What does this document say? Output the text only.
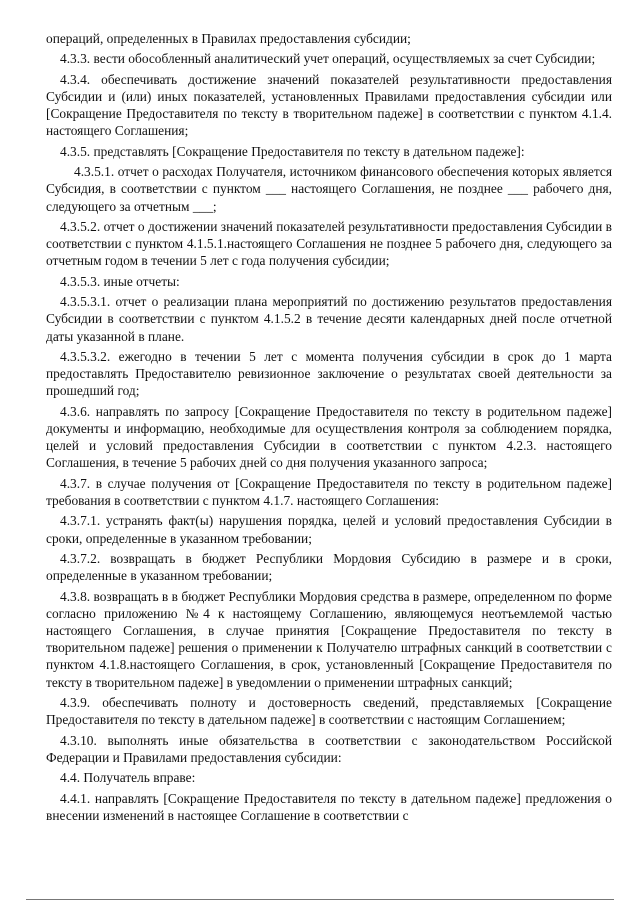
операций, определенных в Правилах предоставления субсидии;

4.3.3. вести обособленный аналитический учет операций, осуществляемых за счет Субсидии;

4.3.4. обеспечивать достижение значений показателей результативности предоставления Субсидии и (или) иных показателей, установленных Правилами предоставления субсидии или [Сокращение Предоставителя по тексту в творительном падеже] в соответствии с пунктом 4.1.4. настоящего Соглашения;

4.3.5. представлять [Сокращение Предоставителя по тексту в дательном падеже]:

4.3.5.1. отчет о расходах Получателя, источником финансового обеспечения которых является Субсидия, в соответствии с пунктом ___ настоящего Соглашения, не позднее ___ рабочего дня, следующего за отчетным ___;

4.3.5.2. отчет о достижении значений показателей результативности предоставления Субсидии в соответствии с пунктом 4.1.5.1.настоящего Соглашения не позднее 5 рабочего дня, следующего за отчетным годом в течении 5 лет с года получения субсидии;

4.3.5.3. иные отчеты:

4.3.5.3.1. отчет о реализации плана мероприятий по достижению результатов предоставления Субсидии в соответствии с пунктом 4.1.5.2 в течение десяти календарных дней после отчетной даты указанной в плане.

4.3.5.3.2. ежегодно в течении 5 лет с момента получения субсидии в срок до 1 марта предоставлять Предоставителю ревизионное заключение о результатах своей деятельности за прошедший год;

4.3.6. направлять по запросу [Сокращение Предоставителя по тексту в родительном падеже] документы и информацию, необходимые для осуществления контроля за соблюдением порядка, целей и условий предоставления Субсидии в соответствии с пунктом 4.2.3. настоящего Соглашения, в течение 5 рабочих дней со дня получения указанного запроса;

4.3.7. в случае получения от [Сокращение Предоставителя по тексту в родительном падеже] требования в соответствии с пунктом 4.1.7. настоящего Соглашения:

4.3.7.1. устранять факт(ы) нарушения порядка, целей и условий предоставления Субсидии в сроки, определенные в указанном требовании;

4.3.7.2. возвращать в бюджет Республики Мордовия Субсидию в размере и в сроки, определенные в указанном требовании;

4.3.8. возвращать в в бюджет Республики Мордовия средства в размере, определенном по форме согласно приложению №4 к настоящему Соглашению, являющемуся неотъемлемой частью настоящего Соглашения, в случае принятия [Сокращение Предоставителя по тексту в творительном падеже] решения о применении к Получателю штрафных санкций в соответствии с пунктом 4.1.8.настоящего Соглашения, в срок, установленный [Сокращение Предоставителя по тексту в творительном падеже] в уведомлении о применении штрафных санкций;

4.3.9. обеспечивать полноту и достоверность сведений, представляемых [Сокращение Предоставителя по тексту в дательном падеже] в соответствии с настоящим Соглашением;

4.3.10. выполнять иные обязательства в соответствии с законодательством Российской Федерации и Правилами предоставления субсидии:

4.4. Получатель вправе:

4.4.1. направлять [Сокращение Предоставителя по тексту в дательном падеже] предложения о внесении изменений в настоящее Соглашение в соответствии с
